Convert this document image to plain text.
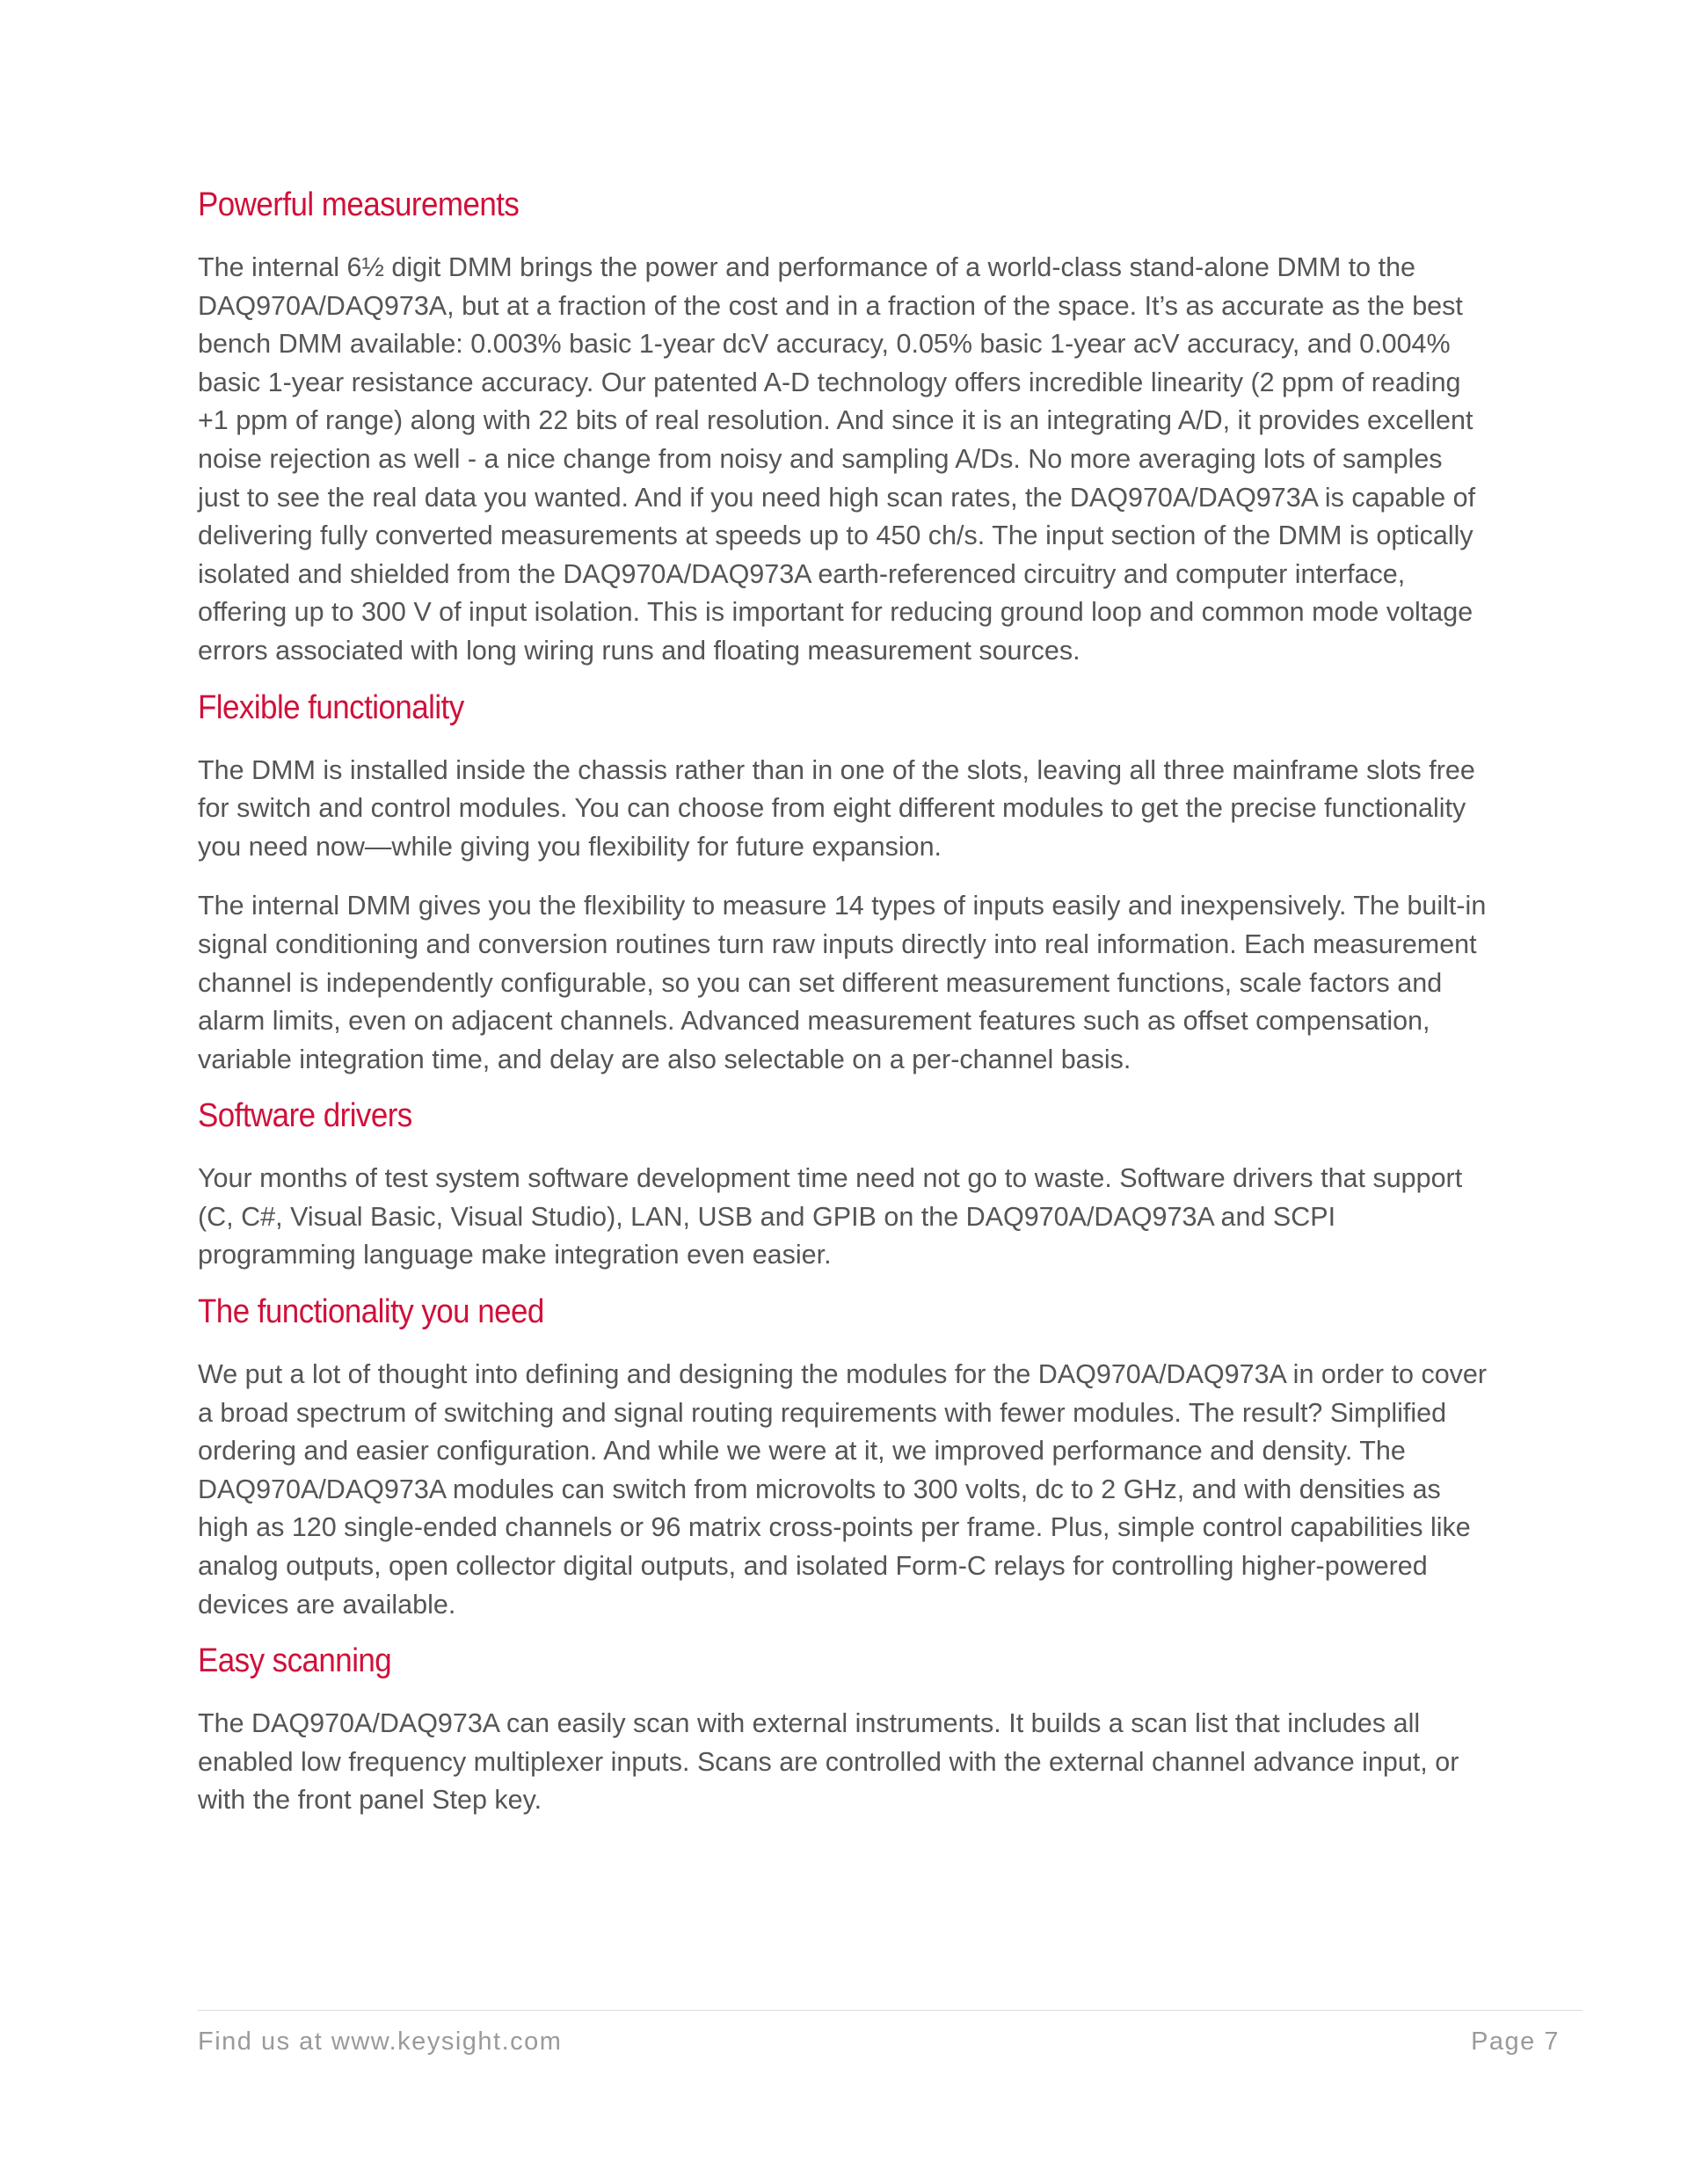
Powerful measurements

The internal 6½ digit DMM brings the power and performance of a world-class stand-alone DMM to the DAQ970A/DAQ973A, but at a fraction of the cost and in a fraction of the space. It’s as accurate as the best bench DMM available: 0.003% basic 1-year dcV accuracy, 0.05% basic 1-year acV accuracy, and 0.004% basic 1-year resistance accuracy. Our patented A-D technology offers incredible linearity (2 ppm of reading +1 ppm of range) along with 22 bits of real resolution. And since it is an integrating A/D, it provides excellent noise rejection as well - a nice change from noisy and sampling A/Ds. No more averaging lots of samples just to see the real data you wanted. And if you need high scan rates, the DAQ970A/DAQ973A is capable of delivering fully converted measurements at speeds up to 450 ch/s. The input section of the DMM is optically isolated and shielded from the DAQ970A/DAQ973A earth-referenced circuitry and computer interface, offering up to 300 V of input isolation. This is important for reducing ground loop and common mode voltage errors associated with long wiring runs and floating measurement sources.

Flexible functionality

The DMM is installed inside the chassis rather than in one of the slots, leaving all three mainframe slots free for switch and control modules. You can choose from eight different modules to get the precise functionality you need now—while giving you flexibility for future expansion.

The internal DMM gives you the flexibility to measure 14 types of inputs easily and inexpensively. The built-in signal conditioning and conversion routines turn raw inputs directly into real information. Each measurement channel is independently configurable, so you can set different measurement functions, scale factors and alarm limits, even on adjacent channels. Advanced measurement features such as offset compensation, variable integration time, and delay are also selectable on a per-channel basis.

Software drivers

Your months of test system software development time need not go to waste. Software drivers that support (C, C#, Visual Basic, Visual Studio), LAN, USB and GPIB on the DAQ970A/DAQ973A and SCPI programming language make integration even easier.

The functionality you need

We put a lot of thought into defining and designing the modules for the DAQ970A/DAQ973A in order to cover a broad spectrum of switching and signal routing requirements with fewer modules. The result? Simplified ordering and easier configuration. And while we were at it, we improved performance and density. The DAQ970A/DAQ973A modules can switch from microvolts to 300 volts, dc to 2 GHz, and with densities as high as 120 single-ended channels or 96 matrix cross-points per frame. Plus, simple control capabilities like analog outputs, open collector digital outputs, and isolated Form-C relays for controlling higher-powered devices are available.

Easy scanning

The DAQ970A/DAQ973A can easily scan with external instruments. It builds a scan list that includes all enabled low frequency multiplexer inputs. Scans are controlled with the external channel advance input, or with the front panel Step key.

Find us at www.keysight.com	Page 7
